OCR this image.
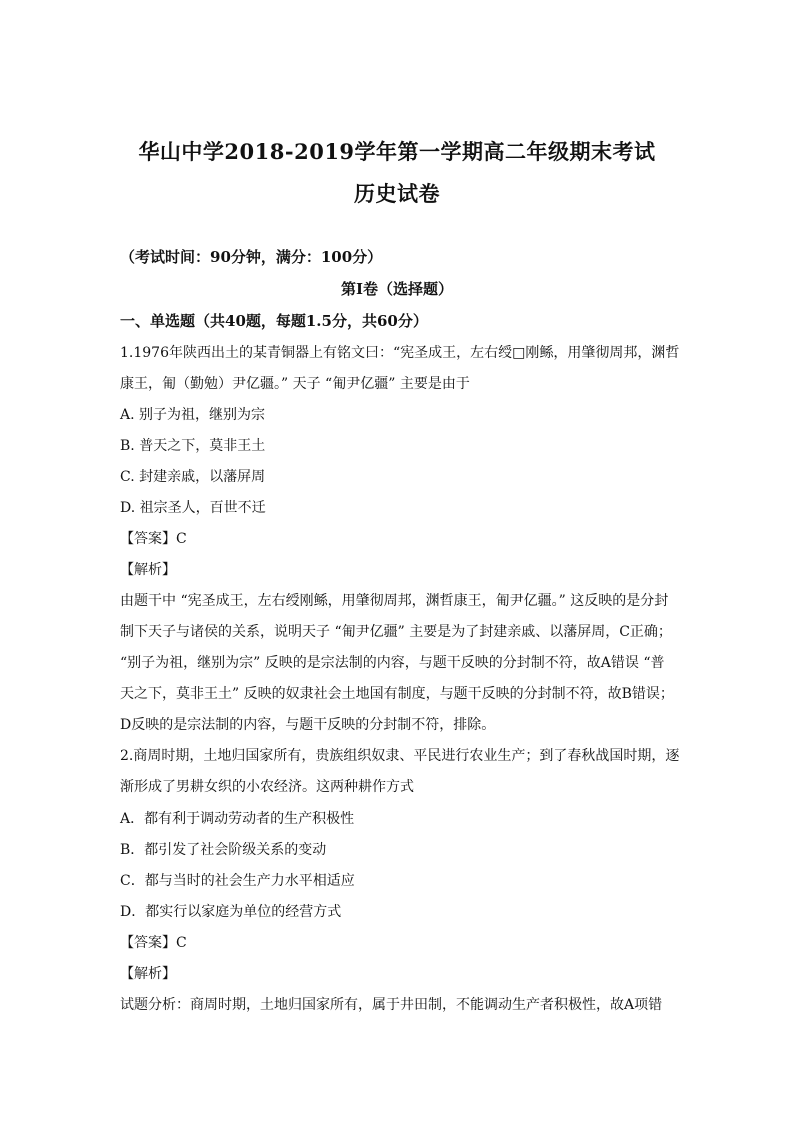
华山中学2018-2019学年第一学期高二年级期末考试
历史试卷
（考试时间：90分钟，满分：100分）
第Ⅰ卷（选择题）
一、单选题（共40题，每题1.5分，共60分）
1.1976年陕西出土的某青铜器上有铭文曰：“宪圣成王，左右绶□刚鲧，用肇彻周邦，渊哲
康王，匍（勤勉）尹亿疆。” 天子 “匍尹亿疆” 主要是由于
A. 别子为祖，继别为宗
B. 普天之下，莫非王土
C. 封建亲戚，以藩屏周
D. 祖宗圣人，百世不迁
【答案】C
【解析】
由题干中 “宪圣成王，左右绶刚鲧，用肇彻周邦，渊哲康王，匍尹亿疆。” 这反映的是分封
制下天子与诸侯的关系，说明天子 “匍尹亿疆” 主要是为了封建亲戚、以藩屏周，C正确；
“别子为祖，继别为宗” 反映的是宗法制的内容，与题干反映的分封制不符，故A错误 “普
天之下，莫非王土” 反映的奴隶社会土地国有制度，与题干反映的分封制不符，故B错误；
D反映的是宗法制的内容，与题干反映的分封制不符，排除。
2.商周时期，土地归国家所有，贵族组织奴隶、平民进行农业生产；到了春秋战国时期，逐
渐形成了男耕女织的小农经济。这两种耕作方式
A．都有利于调动劳动者的生产积极性
B．都引发了社会阶级关系的变动
C．都与当时的社会生产力水平相适应
D．都实行以家庭为单位的经营方式
【答案】C
【解析】
试题分析：商周时期，土地归国家所有，属于井田制，不能调动生产者积极性，故A项错
